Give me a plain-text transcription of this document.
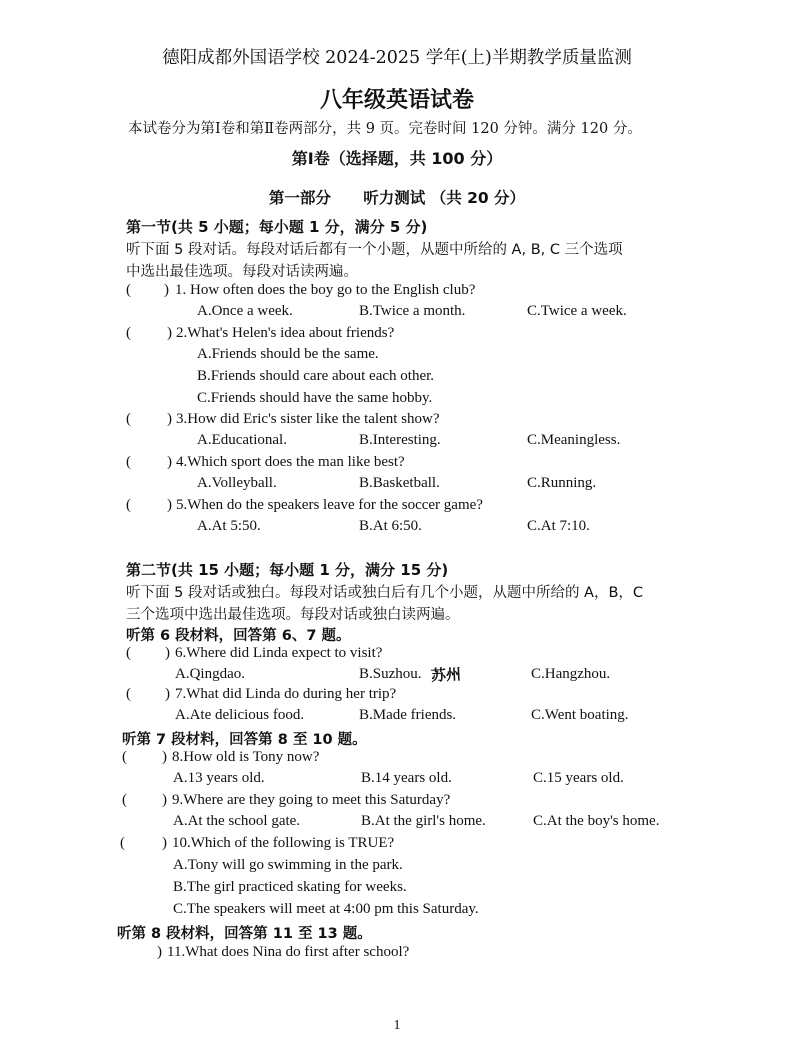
德阳成都外国语学校 2024-2025 学年(上)半期教学质量监测
八年级英语试卷
本试卷分为第Ⅰ卷和第Ⅱ卷两部分，共 9 页。完卷时间 120 分钟。满分 120 分。
第Ⅰ卷（选择题，共 100 分）
第一部分      听力测试 （共 20 分）
第一节(共 5 小题；每小题 1 分，满分 5 分)
听下面 5 段对话。每段对话后都有一个小题，从题中所给的 A, B, C 三个选项
中选出最佳选项。每段对话读两遍。
( ) 1. How often does the boy go to the English club?
A.Once a week.	B.Twice a month.	C.Twice a week.
( ) 2.What's Helen's idea about friends?
A.Friends should be the same.
B.Friends should care about each other.
C.Friends should have the same hobby.
( ) 3.How did Eric's sister like the talent show?
A.Educational.	B.Interesting.	C.Meaningless.
( ) 4.Which sport does the man like best?
A.Volleyball.	B.Basketball.	C.Running.
( ) 5.When do the speakers leave for the soccer game?
A.At 5:50.	B.At 6:50.	C.At 7:10.
第二节(共 15 小题；每小题 1 分，满分 15 分)
听下面 5 段对话或独白。每段对话或独白后有几个小题，从题中所给的 A，B，C
三个选项中选出最佳选项。每段对话或独白读两遍。
听第 6 段材料，回答第 6、7 题。
( ) 6.Where did Linda expect to visit?
A.Qingdao.	B.Suzhou. 苏州	C.Hangzhou.
( ) 7.What did Linda do during her trip?
A.Ate delicious food.	B.Made friends.	C.Went boating.
听第 7 段材料，回答第 8 至 10 题。
( ) 8.How old is Tony now?
A.13 years old.	B.14 years old.	C.15 years old.
( ) 9.Where are they going to meet this Saturday?
A.At the school gate.	B.At the girl's home.	C.At the boy's home.
( ) 10.Which of the following is TRUE?
A.Tony will go swimming in the park.
B.The girl practiced skating for weeks.
C.The speakers will meet at 4:00 pm this Saturday.
听第 8 段材料，回答第 11 至 13 题。
) 11.What does Nina do first after school?
1
